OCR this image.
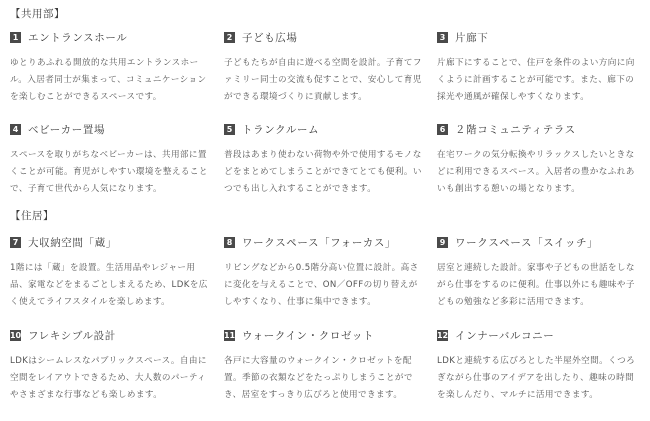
【共用部】
1 エントランスホール
ゆとりあふれる開放的な共用エントランスホール。入居者同士が集まって、コミュニケーションを楽しむことができるスペースです。
2 子ども広場
子どもたちが自由に遊べる空間を設計。子育てファミリー同士の交流も促すことで、安心して育児ができる環境づくりに貢献します。
3 片廊下
片廊下にすることで、住戸を条件のよい方向に向くように計画することが可能です。また、廊下の採光や通風が確保しやすくなります。
4 ベビーカー置場
スペースを取りがちなベビーカーは、共用部に置くことが可能。育児がしやすい環境を整えることで、子育て世代から人気になります。
5 トランクルーム
普段はあまり使わない荷物や外で使用するモノなどをまとめてしまうことができてとても便利。いつでも出し入れすることができます。
6 ２階コミュニティテラス
在宅ワークの気分転換やリラックスしたいときなどに利用できるスペース。入居者の豊かなふれあいも創出する憩いの場となります。
【住居】
7 大収納空間「蔵」
1階には「蔵」を設置。生活用品やレジャー用品、家電などをまるごとしまえるため、LDKを広く使えてライフスタイルを楽しめます。
8 ワークスペース「フォーカス」
リビングなどから0.5階分高い位置に設計。高さに変化を与えることで、ON／OFFの切り替えがしやすくなり、仕事に集中できます。
9 ワークスペース「スイッチ」
居室と連続した設計。家事や子どもの世話をしながら仕事をするのに便利。仕事以外にも趣味や子どもの勉強など多彩に活用できます。
10 フレキシブル設計
LDKはシームレスなパブリックスペース。自由に空間をレイアウトできるため、大人数のパーティやさまざまな行事なども楽しめます。
11 ウォークイン・クロゼット
各戸に大容量のウォークイン・クロゼットを配置。季節の衣類などをたっぷりしまうことができ、居室をすっきり広びろと使用できます。
12 インナーバルコニー
LDKと連続する広びろとした半屋外空間。くつろぎながら仕事のアイデアを出したり、趣味の時間を楽しんだり、マルチに活用できます。
